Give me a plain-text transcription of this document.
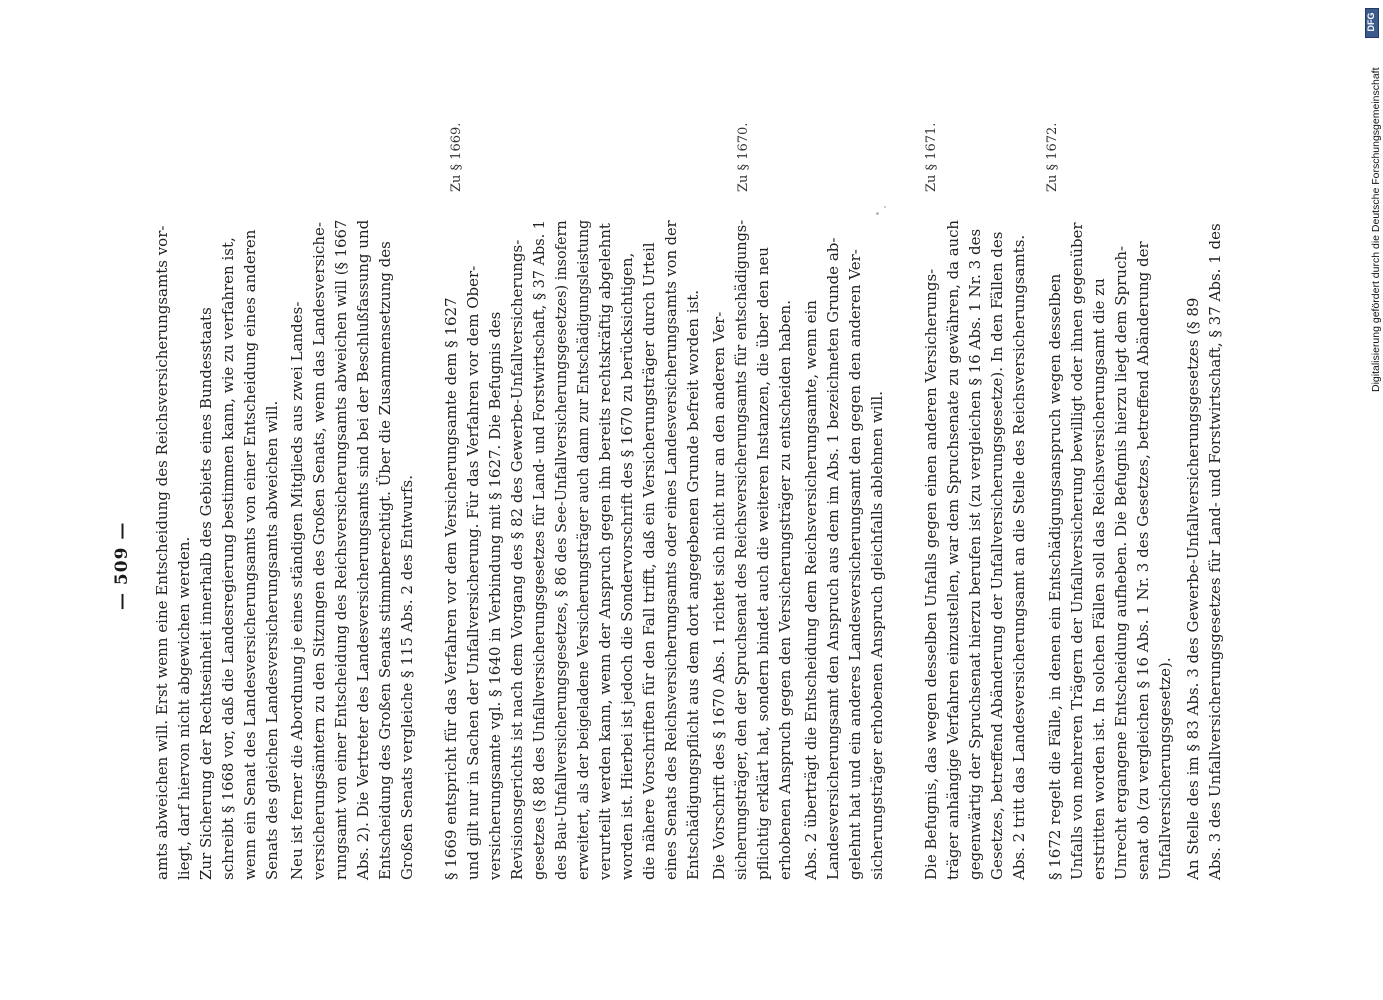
— 509 — amts abweichen will. Erst wenn eine Entscheidung des Reichsversicherungsamts vor- liegt, darf hiervon nicht abgewichen werden. Zur Sicherung der Rechtseinheit innerhalb des Gebiets eines Bundesstaats schreibt § 1668 vor, daß die Landesregierung bestimmen kann, wie zu verfahren ist, wenn ein Senat des Landesversicherungsamts von einer Entscheidung eines anderen Senats des gleichen Landesversicherungsamts abweichen will. Neu ist ferner die Abordnung je eines ständigen Mitglieds aus zwei Landes- versicherungsämtern zu den Sitzungen des Großen Senats, wenn das Landesversiche- rungsamt von einer Entscheidung des Reichsversicherungsamts abweichen will (§ 1667 Abs. 2). Die Vertreter des Landesversicherungsamts sind bei der Beschlußfassung und Entscheidung des Großen Senats stimmberechtigt. Über die Zusammensetzung des Großen Senats vergleiche § 115 Abs. 2 des Entwurfs. § 1669 entspricht für das Verfahren vor dem Versicherungsamte dem § 1627 und gilt nur in Sachen der Unfallversicherung. Für das Verfahren vor dem Ober- versicherungsamte vgl. § 1640 in Verbindung mit § 1627. Die Befugnis des Revisionsgerichts ist nach dem Vorgang des § 82 des Gewerbe-Unfallversicherungs- gesetzes (§ 88 des Unfallversicherungsgesetzes für Land- und Forstwirtschaft, § 37 Abs. 1 des Bau-Unfallversicherungsgesetzes, § 86 des See-Unfallversicherungsgesetzes) insofern erweitert, als der beigeladene Versicherungsträger auch dann zur Entschädigungsleistung verurteilt werden kann, wenn der Anspruch gegen ihn bereits rechtskräftig abgelehnt worden ist. Hierbei ist jedoch die Sondervorschrift des § 1670 zu berücksichtigen, die nähere Vorschriften für den Fall trifft, daß ein Versicherungsträger durch Urteil eines Senats des Reichsversicherungsamts oder eines Landesversicherungsamts von der Entschädigungspflicht aus dem dort angegebenen Grunde befreit worden ist. Die Vorschrift des § 1670 Abs. 1 richtet sich nicht nur an den anderen Ver- sicherungsträger, den der Spruchsenat des Reichsversicherungsamts für entschädigungs- pflichtig erklärt hat, sondern bindet auch die weiteren Instanzen, die über den neu erhobenen Anspruch gegen den Versicherungsträger zu entscheiden haben. Abs. 2 überträgt die Entscheidung dem Reichsversicherungsamte, wenn ein Landesversicherungsamt den Anspruch aus dem im Abs. 1 bezeichneten Grunde ab- gelehnt hat und ein anderes Landesversicherungsamt den gegen den anderen Ver- sicherungsträger erhobenen Anspruch gleichfalls ablehnen will. Die Befugnis, das wegen desselben Unfalls gegen einen anderen Versicherungs- träger anhängige Verfahren einzustellen, war dem Spruchsenate zu gewähren, da auch gegenwärtig der Spruchsenat hierzu berufen ist (zu vergleichen § 16 Abs. 1 Nr. 3 des Gesetzes, betreffend Abänderung der Unfallversicherungsgesetze). In den Fällen des Abs. 2 tritt das Landesversicherungsamt an die Stelle des Reichsversicherungsamts. § 1672 regelt die Fälle, in denen ein Entschädigungsanspruch wegen desselben Unfalls von mehreren Trägern der Unfallversicherung bewilligt oder ihnen gegenüber erstritten worden ist. In solchen Fällen soll das Reichsversicherungsamt die zu Unrecht ergangene Entscheidung aufheben. Die Befugnis hierzu liegt dem Spruch- senat ob (zu vergleichen § 16 Abs. 1 Nr. 3 des Gesetzes, betreffend Abänderung der Unfallversicherungsgesetze). An Stelle des im § 83 Abs. 3 des Gewerbe-Unfallversicherungsgesetzes (§ 89 Abs. 3 des Unfallversicherungsgesetzes für Land- und Forstwirtschaft, § 37 Abs. 1 des
Zu § 1669.	Zu § 1670.	Zu § 1671.	Zu § 1672.	Digitalisierung gefördert durch die Deutsche Forschungsgemeinschaft
DFG
